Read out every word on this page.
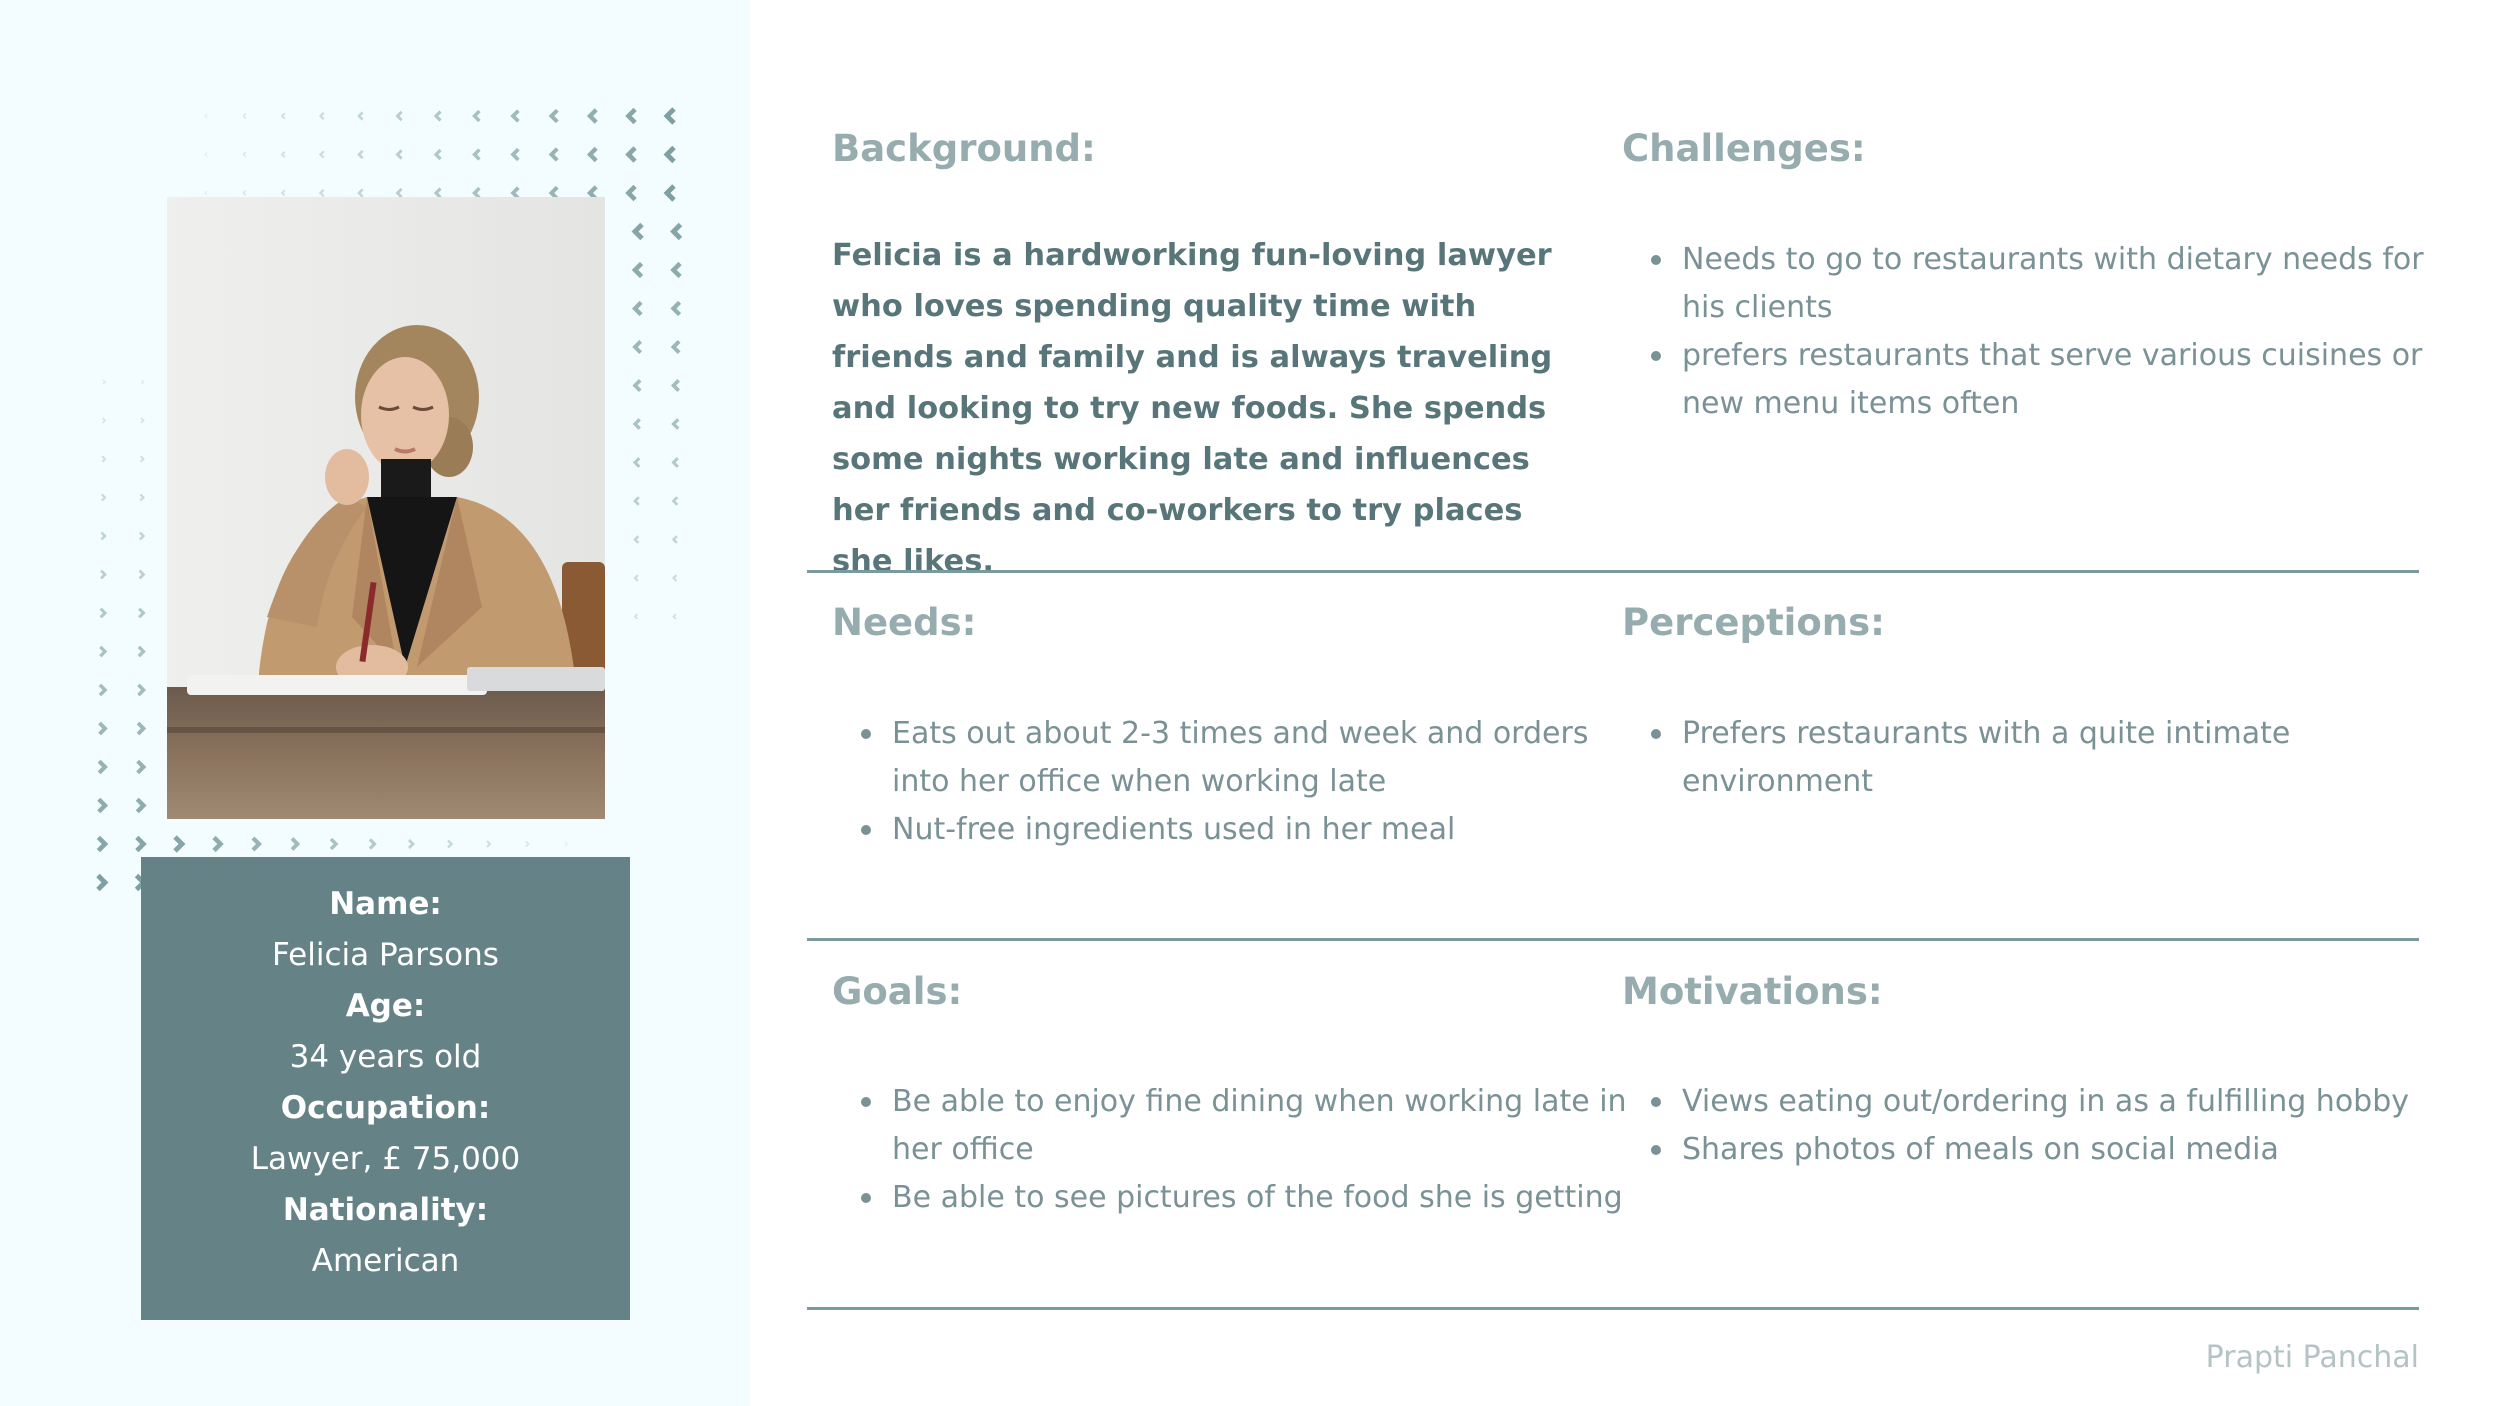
Name:
Felicia Parsons
Age:
34 years old
Occupation:
Lawyer, £ 75,000
Nationality:
American
Background:
Felicia is a hardworking fun-loving lawyer who loves spending quality time with friends and family and is always traveling and looking to try new foods. She spends some nights working late and influences her friends and co-workers to try places she likes.
Challenges:
Needs to go to restaurants with dietary needs for his clients
prefers restaurants that serve various cuisines or new menu items often
Needs:
Eats out about 2-3 times and week and orders into her office when working late
Nut-free ingredients used in her meal
Perceptions:
Prefers restaurants with a quite intimate environment
Goals:
Be able to enjoy fine dining when working late in her office
Be able to see pictures of the food she is getting
Motivations:
Views eating out/ordering in as a fulfilling hobby
Shares photos of meals on social media
Prapti Panchal
